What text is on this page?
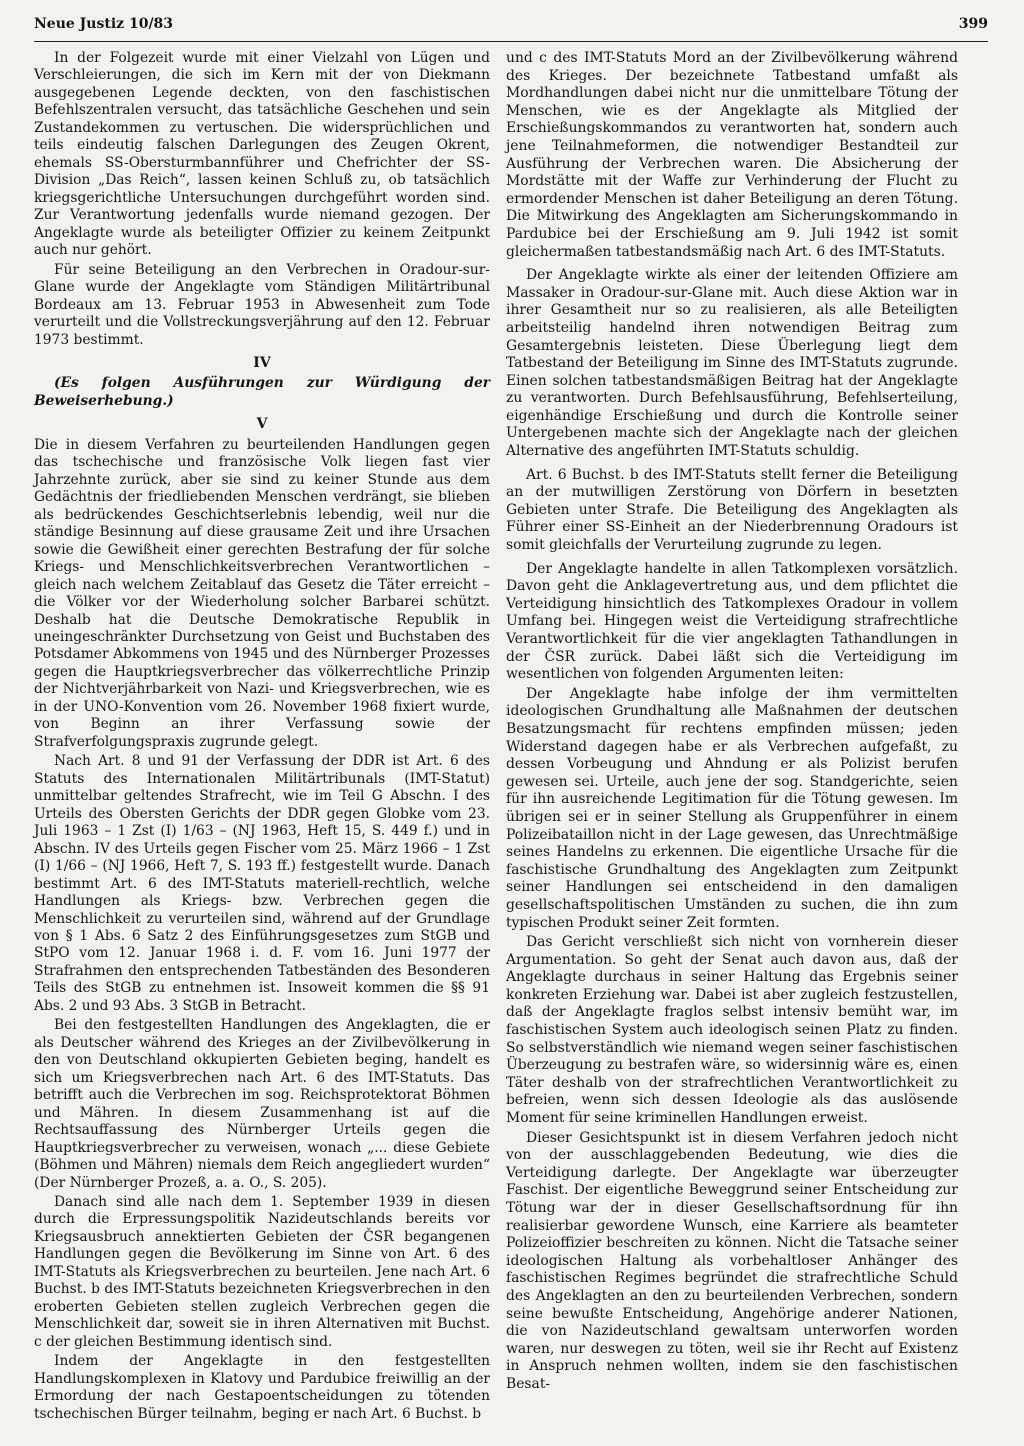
Neue Justiz 10/83	399

In der Folgezeit wurde mit einer Vielzahl von Lügen und Verschleierungen, die sich im Kern mit der von Diekmann ausgegebenen Legende deckten, von den faschistischen Befehlszentralen versucht, das tatsächliche Geschehen und sein Zustandekommen zu vertuschen. Die widersprüchlichen und teils eindeutig falschen Darlegungen des Zeugen Okrent, ehemals SS-Obersturmbannführer und Chefrichter der SS-Division „Das Reich“, lassen keinen Schluß zu, ob tatsächlich kriegsgerichtliche Untersuchungen durchgeführt worden sind. Zur Verantwortung jedenfalls wurde niemand gezogen. Der Angeklagte wurde als beteiligter Offizier zu keinem Zeitpunkt auch nur gehört.

Für seine Beteiligung an den Verbrechen in Oradour-sur-Glane wurde der Angeklagte vom Ständigen Militärtribunal Bordeaux am 13. Februar 1953 in Abwesenheit zum Tode verurteilt und die Vollstreckungsverjährung auf den 12. Februar 1973 bestimmt.

IV

(Es folgen Ausführungen zur Würdigung der Beweiserhebung.)

V

Die in diesem Verfahren zu beurteilenden Handlungen gegen das tschechische und französische Volk liegen fast vier Jahrzehnte zurück, aber sie sind zu keiner Stunde aus dem Gedächtnis der friedliebenden Menschen verdrängt, sie blieben als bedrückendes Geschichtserlebnis lebendig, weil nur die ständige Besinnung auf diese grausame Zeit und ihre Ursachen sowie die Gewißheit einer gerechten Bestrafung der für solche Kriegs- und Menschlichkeitsverbrechen Verantwortlichen – gleich nach welchem Zeitablauf das Gesetz die Täter erreicht – die Völker vor der Wiederholung solcher Barbarei schützt. Deshalb hat die Deutsche Demokratische Republik in uneingeschränkter Durchsetzung von Geist und Buchstaben des Potsdamer Abkommens von 1945 und des Nürnberger Prozesses gegen die Hauptkriegsverbrecher das völkerrechtliche Prinzip der Nichtverjährbarkeit von Nazi- und Kriegsverbrechen, wie es in der UNO-Konvention vom 26. November 1968 fixiert wurde, von Beginn an ihrer Verfassung sowie der Strafverfolgungspraxis zugrunde gelegt.

Nach Art. 8 und 91 der Verfassung der DDR ist Art. 6 des Statuts des Internationalen Militärtribunals (IMT-Statut) unmittelbar geltendes Strafrecht, wie im Teil G Abschn. I des Urteils des Obersten Gerichts der DDR gegen Globke vom 23. Juli 1963 – 1 Zst (I) 1/63 – (NJ 1963, Heft 15, S. 449 f.) und in Abschn. IV des Urteils gegen Fischer vom 25. März 1966 – 1 Zst (I) 1/66 – (NJ 1966, Heft 7, S. 193 ff.) festgestellt wurde. Danach bestimmt Art. 6 des IMT-Statuts materiell-rechtlich, welche Handlungen als Kriegs- bzw. Verbrechen gegen die Menschlichkeit zu verurteilen sind, während auf der Grundlage von § 1 Abs. 6 Satz 2 des Einführungsgesetzes zum StGB und StPO vom 12. Januar 1968 i. d. F. vom 16. Juni 1977 der Strafrahmen den entsprechenden Tatbeständen des Besonderen Teils des StGB zu entnehmen ist. Insoweit kommen die §§ 91 Abs. 2 und 93 Abs. 3 StGB in Betracht.

Bei den festgestellten Handlungen des Angeklagten, die er als Deutscher während des Krieges an der Zivilbevölkerung in den von Deutschland okkupierten Gebieten beging, handelt es sich um Kriegsverbrechen nach Art. 6 des IMT-Statuts. Das betrifft auch die Verbrechen im sog. Reichsprotektorat Böhmen und Mähren. In diesem Zusammenhang ist auf die Rechtsauffassung des Nürnberger Urteils gegen die Hauptkriegsverbrecher zu verweisen, wonach „... diese Gebiete (Böhmen und Mähren) niemals dem Reich angegliedert wurden“ (Der Nürnberger Prozeß, a. a. O., S. 205).

Danach sind alle nach dem 1. September 1939 in diesen durch die Erpressungspolitik Nazideutschlands bereits vor Kriegsausbruch annektierten Gebieten der ČSR begangenen Handlungen gegen die Bevölkerung im Sinne von Art. 6 des IMT-Statuts als Kriegsverbrechen zu beurteilen. Jene nach Art. 6 Buchst. b des IMT-Statuts bezeichneten Kriegsverbrechen in den eroberten Gebieten stellen zugleich Verbrechen gegen die Menschlichkeit dar, soweit sie in ihren Alternativen mit Buchst. c der gleichen Bestimmung identisch sind.

Indem der Angeklagte in den festgestellten Handlungskomplexen in Klatovy und Pardubice freiwillig an der Ermordung der nach Gestapoentscheidungen zu tötenden tschechischen Bürger teilnahm, beging er nach Art. 6 Buchst. b

und c des IMT-Statuts Mord an der Zivilbevölkerung während des Krieges. Der bezeichnete Tatbestand umfaßt als Mordhandlungen dabei nicht nur die unmittelbare Tötung der Menschen, wie es der Angeklagte als Mitglied der Erschießungskommandos zu verantworten hat, sondern auch jene Teilnahmeformen, die notwendiger Bestandteil zur Ausführung der Verbrechen waren. Die Absicherung der Mordstätte mit der Waffe zur Verhinderung der Flucht zu ermordender Menschen ist daher Beteiligung an deren Tötung. Die Mitwirkung des Angeklagten am Sicherungskommando in Pardubice bei der Erschießung am 9. Juli 1942 ist somit gleichermaßen tatbestandsmäßig nach Art. 6 des IMT-Statuts.

Der Angeklagte wirkte als einer der leitenden Offiziere am Massaker in Oradour-sur-Glane mit. Auch diese Aktion war in ihrer Gesamtheit nur so zu realisieren, als alle Beteiligten arbeitsteilig handelnd ihren notwendigen Beitrag zum Gesamtergebnis leisteten. Diese Überlegung liegt dem Tatbestand der Beteiligung im Sinne des IMT-Statuts zugrunde. Einen solchen tatbestandsmäßigen Beitrag hat der Angeklagte zu verantworten. Durch Befehlsausführung, Befehlserteilung, eigenhändige Erschießung und durch die Kontrolle seiner Untergebenen machte sich der Angeklagte nach der gleichen Alternative des angeführten IMT-Statuts schuldig.

Art. 6 Buchst. b des IMT-Statuts stellt ferner die Beteiligung an der mutwilligen Zerstörung von Dörfern in besetzten Gebieten unter Strafe. Die Beteiligung des Angeklagten als Führer einer SS-Einheit an der Niederbrennung Oradours ist somit gleichfalls der Verurteilung zugrunde zu legen.

Der Angeklagte handelte in allen Tatkomplexen vorsätzlich. Davon geht die Anklagevertretung aus, und dem pflichtet die Verteidigung hinsichtlich des Tatkomplexes Oradour in vollem Umfang bei. Hingegen weist die Verteidigung strafrechtliche Verantwortlichkeit für die vier angeklagten Tathandlungen in der ČSR zurück. Dabei läßt sich die Verteidigung im wesentlichen von folgenden Argumenten leiten:

Der Angeklagte habe infolge der ihm vermittelten ideologischen Grundhaltung alle Maßnahmen der deutschen Besatzungsmacht für rechtens empfinden müssen; jeden Widerstand dagegen habe er als Verbrechen aufgefaßt, zu dessen Vorbeugung und Ahndung er als Polizist berufen gewesen sei. Urteile, auch jene der sog. Standgerichte, seien für ihn ausreichende Legitimation für die Tötung gewesen. Im übrigen sei er in seiner Stellung als Gruppenführer in einem Polizeibataillon nicht in der Lage gewesen, das Unrechtmäßige seines Handelns zu erkennen. Die eigentliche Ursache für die faschistische Grundhaltung des Angeklagten zum Zeitpunkt seiner Handlungen sei entscheidend in den damaligen gesellschaftspolitischen Umständen zu suchen, die ihn zum typischen Produkt seiner Zeit formten.

Das Gericht verschließt sich nicht von vornherein dieser Argumentation. So geht der Senat auch davon aus, daß der Angeklagte durchaus in seiner Haltung das Ergebnis seiner konkreten Erziehung war. Dabei ist aber zugleich festzustellen, daß der Angeklagte fraglos selbst intensiv bemüht war, im faschistischen System auch ideologisch seinen Platz zu finden. So selbstverständlich wie niemand wegen seiner faschistischen Überzeugung zu bestrafen wäre, so widersinnig wäre es, einen Täter deshalb von der strafrechtlichen Verantwortlichkeit zu befreien, wenn sich dessen Ideologie als das auslösende Moment für seine kriminellen Handlungen erweist.

Dieser Gesichtspunkt ist in diesem Verfahren jedoch nicht von der ausschlaggebenden Bedeutung, wie dies die Verteidigung darlegte. Der Angeklagte war überzeugter Faschist. Der eigentliche Beweggrund seiner Entscheidung zur Tötung war der in dieser Gesellschaftsordnung für ihn realisierbar gewordene Wunsch, eine Karriere als beamteter Polizeioffizier beschreiten zu können. Nicht die Tatsache seiner ideologischen Haltung als vorbehaltloser Anhänger des faschistischen Regimes begründet die strafrechtliche Schuld des Angeklagten an den zu beurteilenden Verbrechen, sondern seine bewußte Entscheidung, Angehörige anderer Nationen, die von Nazideutschland gewaltsam unterworfen worden waren, nur deswegen zu töten, weil sie ihr Recht auf Existenz in Anspruch nehmen wollten, indem sie den faschistischen Besat-
